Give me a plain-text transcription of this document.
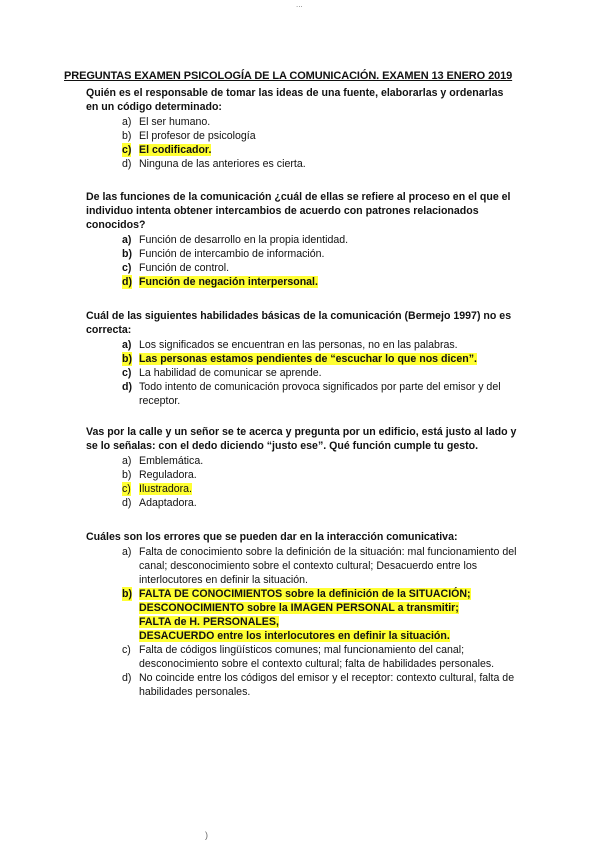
...
PREGUNTAS EXAMEN PSICOLOGÍA DE LA COMUNICACIÓN. EXAMEN 13 ENERO 2019

Quién es el responsable de tomar las ideas de una fuente, elaborarlas y ordenarlas en un código determinado:

a) El ser humano.
b) El profesor de psicología
c) El codificador.
d) Ninguna de las anteriores es cierta.

De las funciones de la comunicación ¿cuál de ellas se refiere al proceso en el que el individuo intenta obtener intercambios de acuerdo con patrones relacionados conocidos?

a) Función de desarrollo en la propia identidad.
b) Función de intercambio de información.
c) Función de control.
d) Función de negación interpersonal.

Cuál de las siguientes habilidades básicas de la comunicación (Bermejo 1997) no es correcta:

a) Los significados se encuentran en las personas, no en las palabras.
b) Las personas estamos pendientes de “escuchar lo que nos dicen”.
c) La habilidad de comunicar se aprende.
d) Todo intento de comunicación provoca significados por parte del emisor y del receptor.

Vas por la calle y un señor se te acerca y pregunta por un edificio, está justo al lado y se lo señalas: con el dedo diciendo “justo ese”. Qué función cumple tu gesto.

a) Emblemática.
b) Reguladora.
c) Ilustradora.
d) Adaptadora.

Cuáles son los errores que se pueden dar en la interacción comunicativa:

a) Falta de conocimiento sobre la definición de la situación: mal funcionamiento del canal; desconocimiento sobre el contexto cultural; Desacuerdo entre los interlocutores en definir la situación.
b) FALTA DE CONOCIMIENTOS sobre la definición de la SITUACIÓN;
DESCONOCIMIENTO sobre la IMAGEN PERSONAL a transmitir;
FALTA de H. PERSONALES,
DESACUERDO entre los interlocutores en definir la situación.
c) Falta de códigos lingüísticos comunes; mal funcionamiento del canal; desconocimiento sobre el contexto cultural; falta de habilidades personales.
d) No coincide entre los códigos del emisor y el receptor: contexto cultural, falta de habilidades personales.
)
